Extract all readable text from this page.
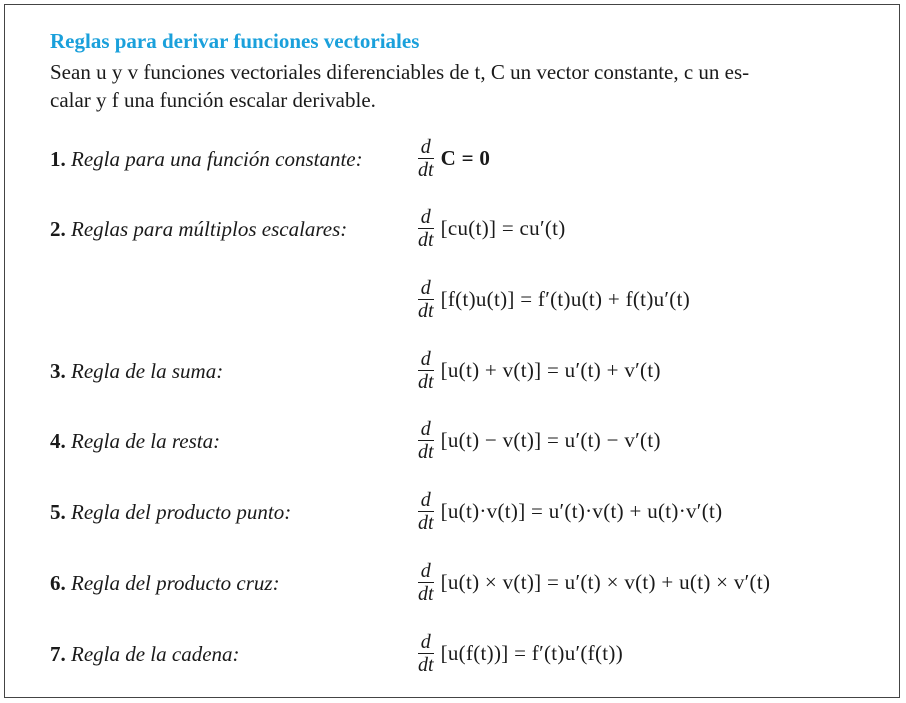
Reglas para derivar funciones vectoriales
Sean u y v funciones vectoriales diferenciables de t, C un vector constante, c un es-
calar y f una función escalar derivable.
1. Regla para una función constante:	$\frac{d}{dt}$ C = 0
2. Reglas para múltiplos escalares:	$\frac{d}{dt} [cu(t)] = cu'(t)$
$\frac{d}{dt} [f(t)u(t)] = f'(t)u(t) + f(t)u'(t)$
3. Regla de la suma:	$\frac{d}{dt} [u(t) + v(t)] = u'(t) + v'(t)$
4. Regla de la resta:	$\frac{d}{dt} [u(t) - v(t)] = u'(t) - v'(t)$
5. Regla del producto punto:	$\frac{d}{dt} [u(t)\cdot v(t)] = u'(t)\cdot v(t) + u(t)\cdot v'(t)$
6. Regla del producto cruz:	$\frac{d}{dt} [u(t) \times v(t)] = u'(t) \times v(t) + u(t) \times v'(t)$
7. Regla de la cadena:	$\frac{d}{dt} [u(f(t))] = f'(t)u'(f(t))$
